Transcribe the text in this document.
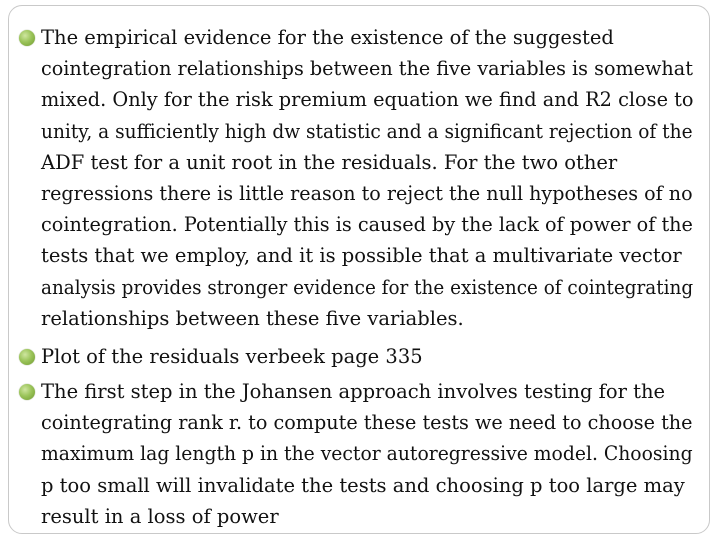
The empirical evidence for the existence of the suggested
cointegration relationships between the five variables is somewhat
mixed. Only for the risk premium equation we find and R2 close to
unity, a sufficiently high dw statistic and a significant rejection of the
ADF test for a unit root in the residuals. For the two other
regressions there is little reason to reject the null hypotheses of no
cointegration. Potentially this is caused by the lack of power of the
tests that we employ, and it is possible that a multivariate vector
analysis provides stronger evidence for the existence of cointegrating
relationships between these five variables.

Plot of the residuals verbeek page 335

The first step in the Johansen approach involves testing for the
cointegrating rank r. to compute these tests we need to choose the
maximum lag length p in the vector autoregressive model. Choosing
p too small will invalidate the tests and choosing p too large may
result in a loss of power
